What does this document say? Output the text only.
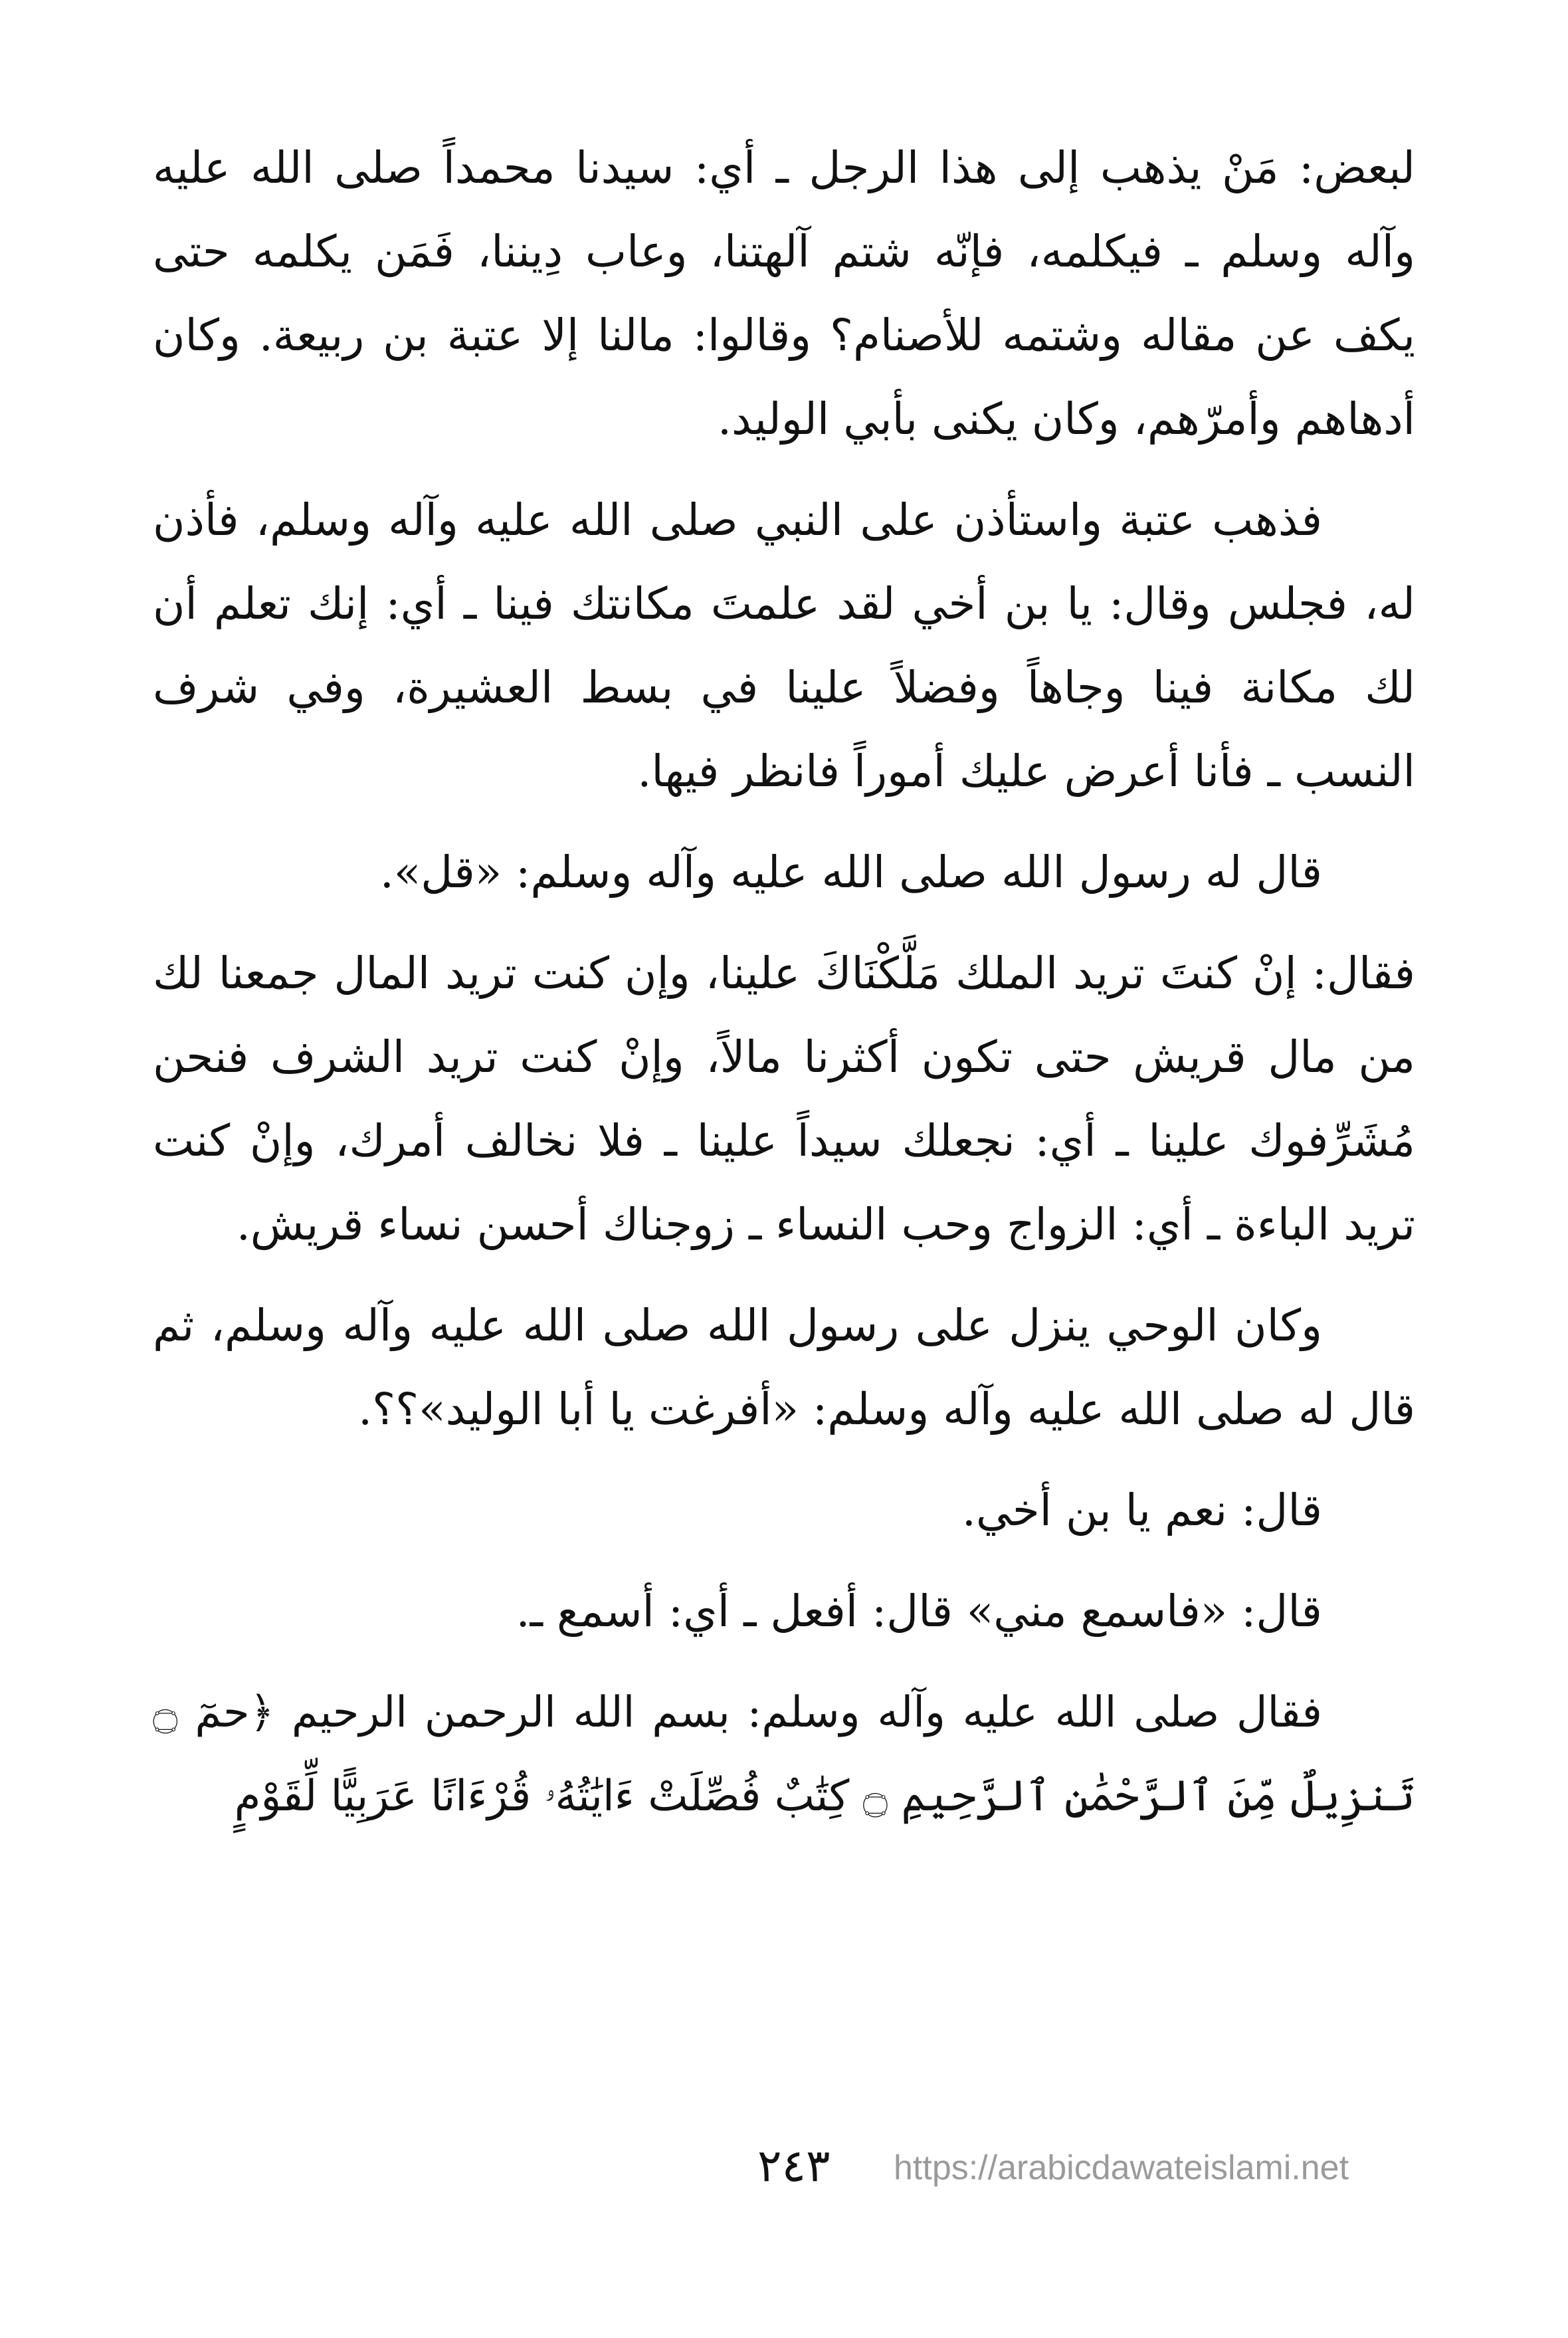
لبعض: مَنْ يذهب إلى هذا الرجل ـ أي: سيدنا محمداً صلى الله عليه وآله وسلم ـ فيكلمه، فإنّه شتم آلهتنا، وعاب دِيننا، فَمَن يكلمه حتى يكف عن مقاله وشتمه للأصنام؟ وقالوا: مالنا إلا عتبة بن ربيعة. وكان أدهاهم وأمرّهم، وكان يكنى بأبي الوليد.

فذهب عتبة واستأذن على النبي صلى الله عليه وآله وسلم، فأذن له، فجلس وقال: يا بن أخي لقد علمتَ مكانتك فينا ـ أي: إنك تعلم أن لك مكانة فينا وجاهاً وفضلاً علينا في بسط العشيرة، وفي شرف النسب ـ فأنا أعرض عليك أموراً فانظر فيها.

قال له رسول الله صلى الله عليه وآله وسلم: «قل».

فقال: إنْ كنتَ تريد الملك مَلَّكْنَاكَ علينا، وإن كنت تريد المال جمعنا لك من مال قريش حتى تكون أكثرنا مالاً، وإنْ كنت تريد الشرف فنحن مُشَرِّفوك علينا ـ أي: نجعلك سيداً علينا ـ فلا نخالف أمرك، وإنْ كنت تريد الباءة ـ أي: الزواج وحب النساء ـ زوجناك أحسن نساء قريش.

وكان الوحي ينزل على رسول الله صلى الله عليه وآله وسلم، ثم قال له صلى الله عليه وآله وسلم: «أفرغت يا أبا الوليد»؟؟.

قال: نعم يا بن أخي.

قال: «فاسمع مني» قال: أفعل ـ أي: أسمع ـ.

فقال صلى الله عليه وآله وسلم: بسم الله الرحمن الرحيم ﴿حمٓ ۝ تَنزِيلٌ مِّنَ ٱلرَّحْمَٰنِ ٱلرَّحِيمِ ۝ كِتَٰبٌ فُصِّلَتْ ءَايَٰتُهُۥ قُرْءَانًا عَرَبِيًّا لِّقَوْمٍ

٢٤٣ https://arabicdawateislami.net
